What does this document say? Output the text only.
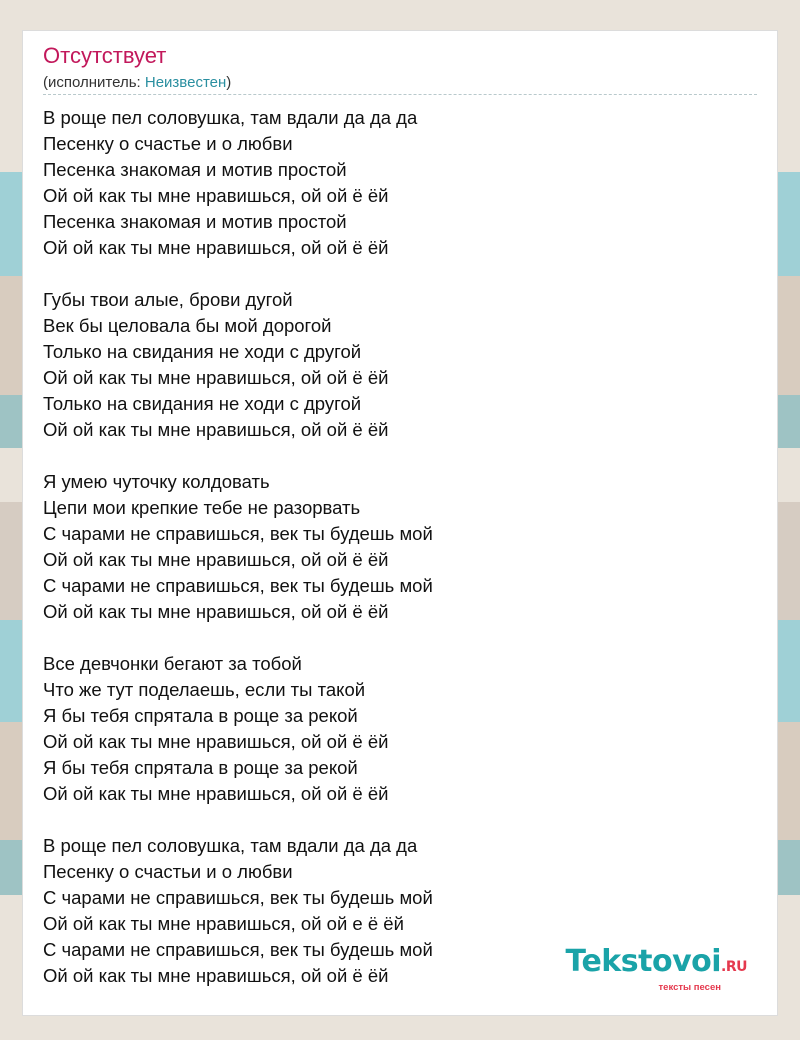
Отсутствует
(исполнитель: Неизвестен)
В роще пел соловушка, там вдали да да да
Песенку о счастье и о любви
Песенка знакомая и мотив простой
Ой ой как ты мне нравишься, ой ой ё ёй
Песенка знакомая и мотив простой
Ой ой как ты мне нравишься, ой ой ё ёй
Губы твои алые, брови дугой
Век бы целовала бы мой дорогой
Только на свидания не ходи с другой
Ой ой как ты мне нравишься, ой ой ё ёй
Только на свидания не ходи с другой
Ой ой как ты мне нравишься, ой ой ё ёй
Я умею чуточку колдовать
Цепи мои крепкие тебе не разорвать
С чарами не справишься, век ты будешь мой
Ой ой как ты мне нравишься, ой ой ё ёй
С чарами не справишься, век ты будешь мой
Ой ой как ты мне нравишься, ой ой ё ёй
Все девчонки бегают за тобой
Что же тут поделаешь, если ты такой
Я бы тебя спрятала в роще за рекой
Ой ой как ты мне нравишься, ой ой ё ёй
Я бы тебя спрятала в роще за рекой
Ой ой как ты мне нравишься, ой ой ё ёй
В роще пел соловушка, там вдали да да да
Песенку о счастьи и о любви
С чарами не справишься, век ты будешь мой
Ой ой как ты мне нравишься, ой ой е ё ёй
С чарами не справишься, век ты будешь мой
Ой ой как ты мне нравишься, ой ой ё ёй	Tekstovoi.RU
тексты песен
